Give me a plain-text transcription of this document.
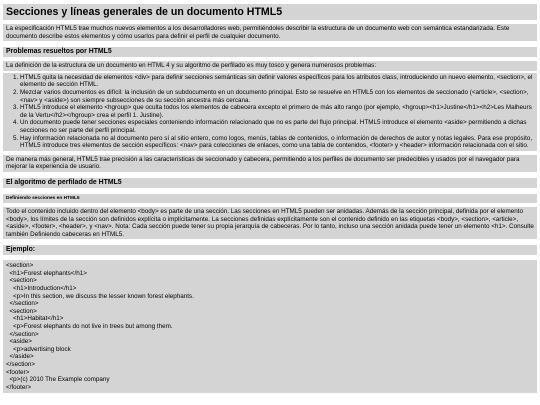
Secciones y líneas generales de un documento HTML5

La especificación HTML5 trae muchos nuevos elementos a los desarrolladores web, permitiéndoles describir la estructura de un documento web con semántica estandarizada. Este documento describe estos elementos y cómo usarlos para definir el perfil de cualquier documento.

Problemas resueltos por HTML5

La definición de la estructura de un documento en HTML 4 y su algoritmo de perfilado es muy tosco y genera numerosos problemas:

1. HTML5 quita la necesidad de elementos <div> para definir secciones semánticas sin definir valores específicos para los atributos class, introduciendo un nuevo elemento, <section>, el elemento de sección HTML.
2. Mezclar varios documentos es difícil: la inclusión de un subdocumento en un documento principal. Esto se resuelve en HTML5 con los elementos de seccionado (<article>, <section>, <nav> y <aside>) son siempre subsecciones de su sección ancestra más cercana.
3. HTML5 introduce el elemento <hgroup> que oculta todos los elementos de cabecera excepto el primero de más alto rango (por ejemplo, <hgroup><h1>Justine</h1><h2>Les Malheurs de la Vertu</h2></hgroup> crea el perfil 1. Justine).
4. Un documento puede tener secciones especiales conteniendo información relacionado que no es parte del flujo principal. HTML5 introduce el elemento <aside> permitiendo a dichas secciones no ser parte del perfil principal.
5. Hay información relacionada no al documento pero sí al sitio entero, como logos, menús, tablas de contenidos, o información de derechos de autor y notas legales. Para ese propósito, HTML5 introduce tres elementos de sección específicos: <nav> para colecciones de enlaces, como una tabla de contenidos, <footer> y <header> información relacionada con el sitio.

De manera más general, HTML5 trae precisión a las características de seccionado y cabecera, permitiendo a los perfiles de documento ser predecibles y usados por el navegador para mejorar la experiencia de usuario.

El algoritmo de perfilado de HTML5
Definiendo secciones en HTML5

Todo el contenido incluido dentro del elemento <body> es parte de una sección. Las secciones en HTML5 pueden ser anidadas. Además de la sección principal, definida por el elemento <body>, los límites de la sección son definidos explícita o implícitamente. La secciones definidas explícitamente son el contenido definido en las etiquetas <body>, <section>, <article>, <aside>, <footer>, <header>, y <nav>. Nota: Cada sección puede tener su propia jerarquía de cabeceras. Por lo tanto, incluso una sección anidada puede tener un elemento <h1>. Consulte también Definiendo cabeceras en HTML5.

Ejemplo:
<section>
<h1>Forest elephants</h1>
<section>
<h1>Introduction</h1>
<p>In this section, we discuss the lesser known forest elephants.
</section>
<section>
<h1>Habitat</h1>
<p>Forest elephants do not live in trees but among them.
</section>
<aside>
<p>advertising block
</aside>
</section>
<footer>
<p>(c) 2010 The Example company
</footer>
